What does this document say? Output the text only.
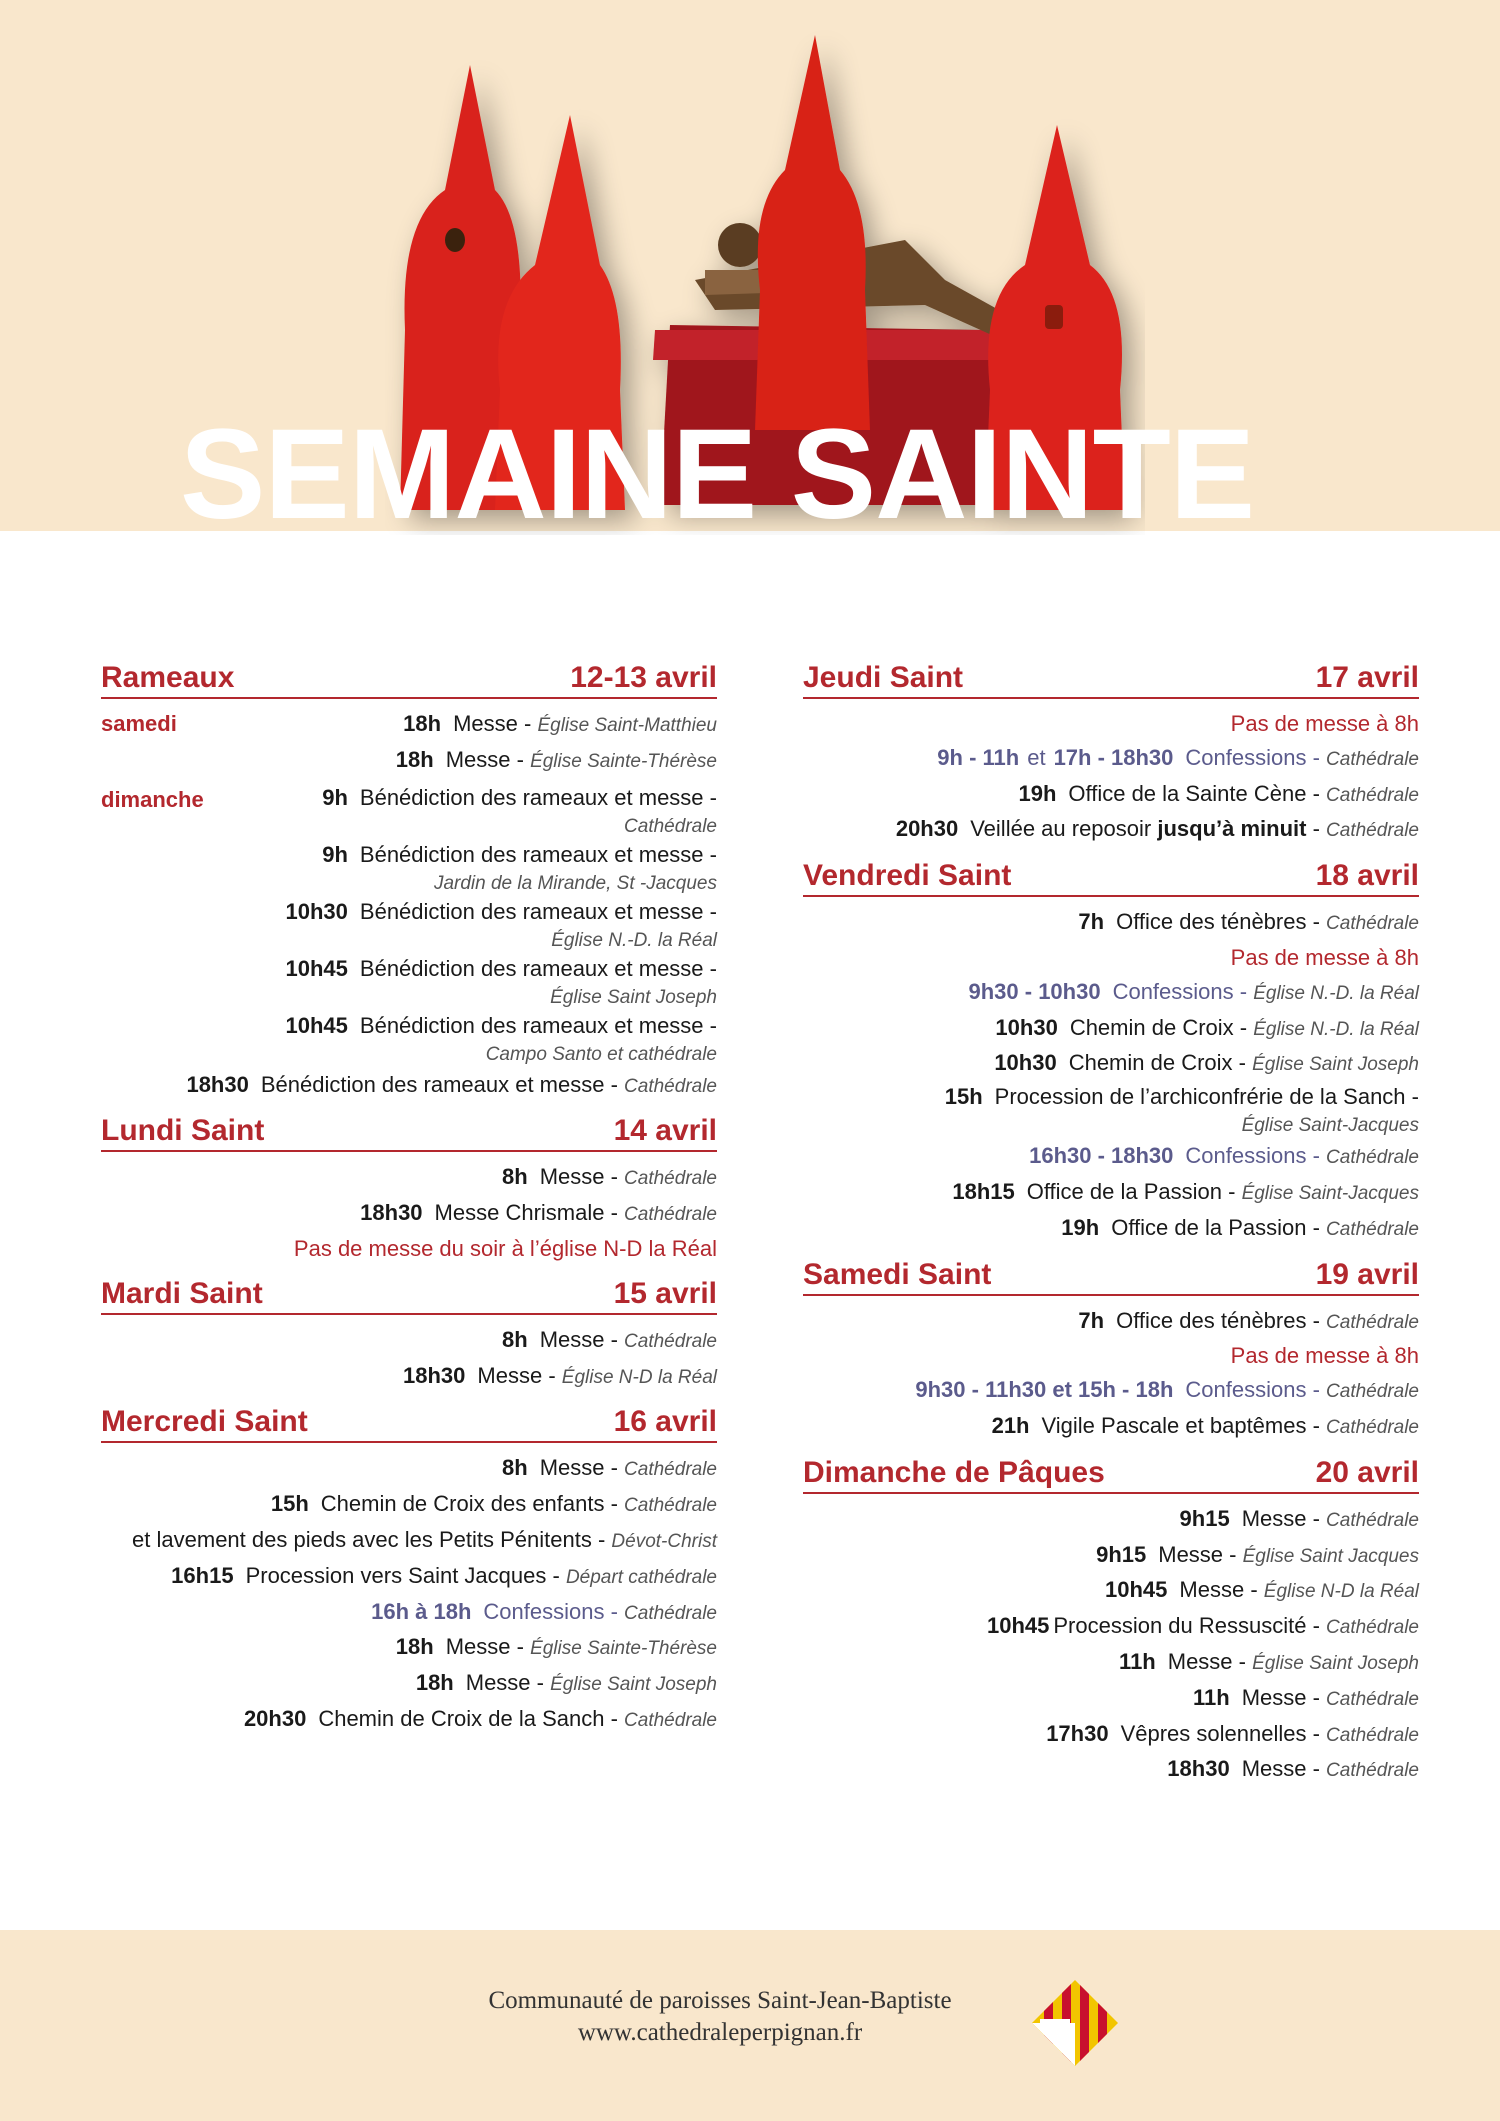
SEMAINE SAINTE
Rameaux	12-13 avril
samedi	18h Messe - Église Saint-Matthieu
18h Messe - Église Sainte-Thérèse
dimanche	9h Bénédiction des rameaux et messe -
Cathédrale
9h Bénédiction des rameaux et messe -
Jardin de la Mirande, St -Jacques
10h30 Bénédiction des rameaux et messe -
Église N.-D. la Réal
10h45 Bénédiction des rameaux et messe -
Église Saint Joseph
10h45 Bénédiction des rameaux et messe -
Campo Santo et cathédrale
18h30 Bénédiction des rameaux et messe - Cathédrale
Lundi Saint	14 avril
8h Messe - Cathédrale
18h30 Messe Chrismale - Cathédrale
Pas de messe du soir à l’église N-D la Réal
Mardi Saint	15 avril
8h Messe - Cathédrale
18h30 Messe - Église N-D la Réal
Mercredi Saint	16 avril
8h Messe - Cathédrale
15h Chemin de Croix des enfants - Cathédrale
et lavement des pieds avec les Petits Pénitents - Dévot-Christ
16h15 Procession vers Saint Jacques - Départ cathédrale
16h à 18h Confessions - Cathédrale
18h Messe - Église Sainte-Thérèse
18h Messe - Église Saint Joseph
20h30 Chemin de Croix de la Sanch - Cathédrale
Jeudi Saint	17 avril
Pas de messe à 8h
9h - 11h et 17h - 18h30 Confessions - Cathédrale
19h Office de la Sainte Cène - Cathédrale
20h30 Veillée au reposoir jusqu’à minuit - Cathédrale
Vendredi Saint	18 avril
7h Office des ténèbres - Cathédrale
Pas de messe à 8h
9h30 - 10h30 Confessions - Église N.-D. la Réal
10h30 Chemin de Croix - Église N.-D. la Réal
10h30 Chemin de Croix - Église Saint Joseph
15h Procession de l’archiconfrérie de la Sanch -
Église Saint-Jacques
16h30 - 18h30 Confessions - Cathédrale
18h15 Office de la Passion - Église Saint-Jacques
19h Office de la Passion - Cathédrale
Samedi Saint	19 avril
7h Office des ténèbres - Cathédrale
Pas de messe à 8h
9h30 - 11h30 et 15h - 18h Confessions - Cathédrale
21h Vigile Pascale et baptêmes - Cathédrale
Dimanche de Pâques	20 avril
9h15 Messe - Cathédrale
9h15 Messe - Église Saint Jacques
10h45 Messe - Église N-D la Réal
10h45 Procession du Ressuscité - Cathédrale
11h Messe - Église Saint Joseph
11h Messe - Cathédrale
17h30 Vêpres solennelles - Cathédrale
18h30 Messe - Cathédrale
Communauté de paroisses Saint-Jean-Baptiste
www.cathedraleperpignan.fr
